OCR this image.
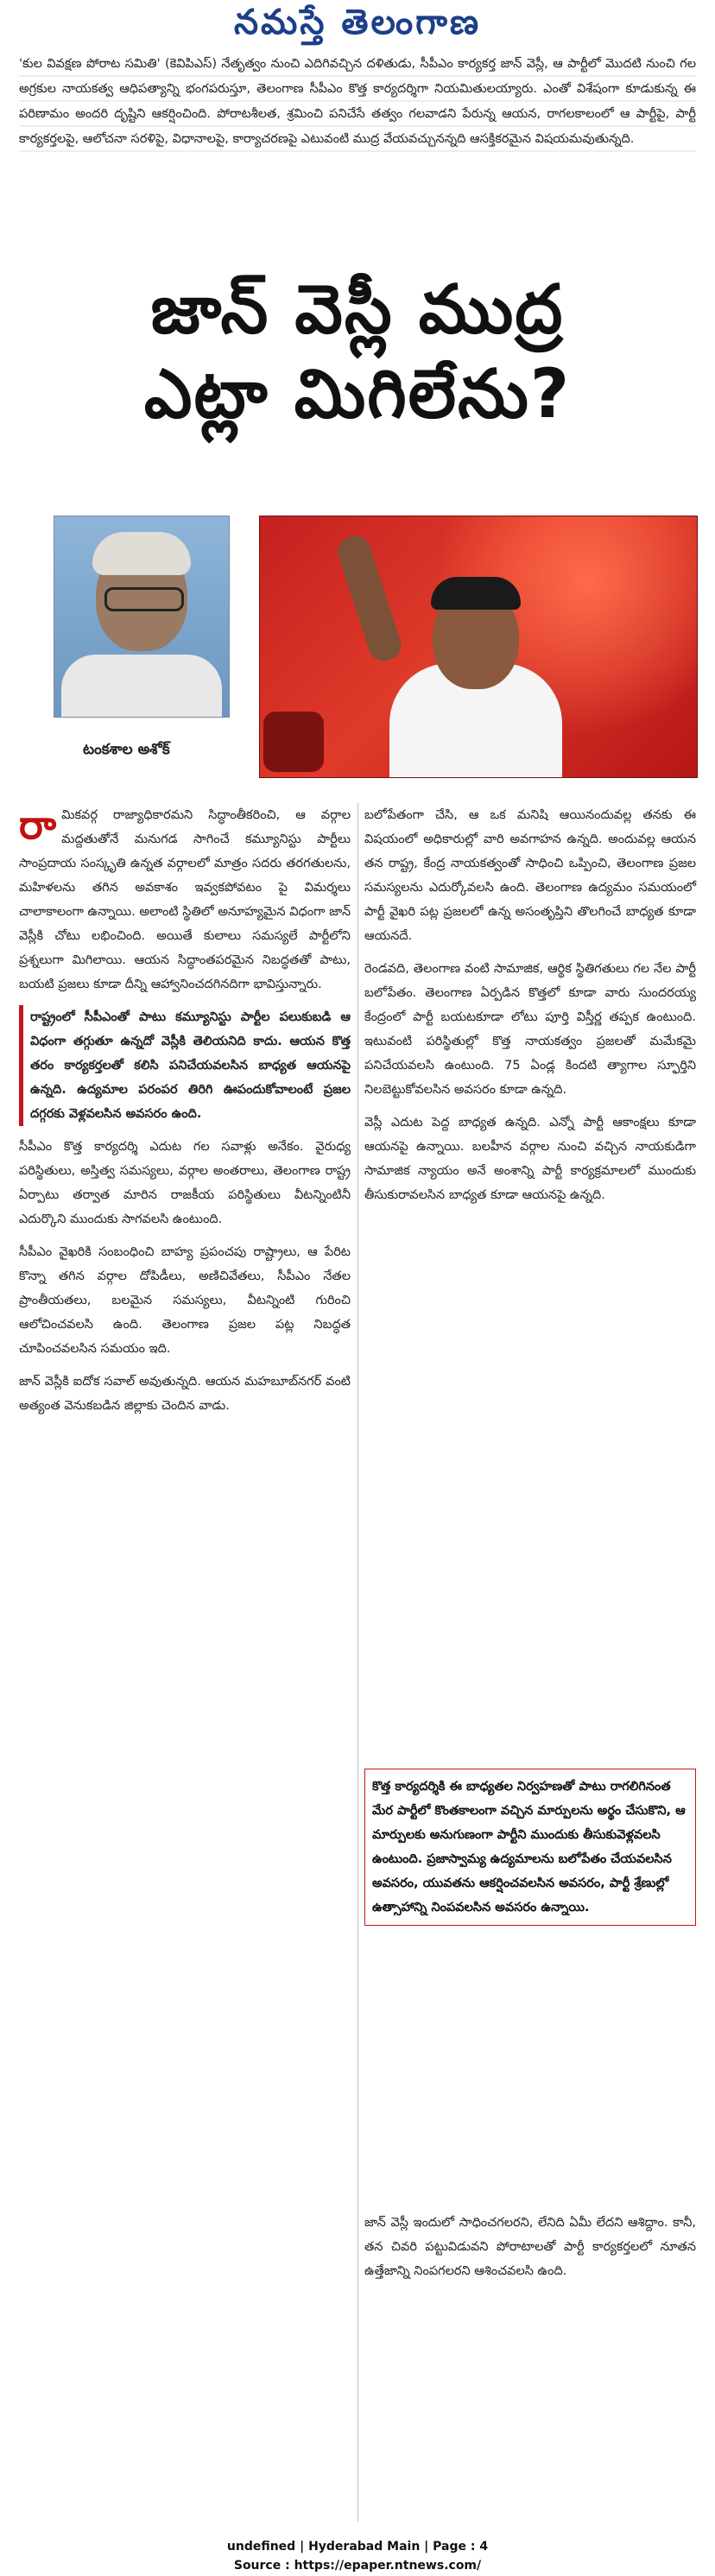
నమస్తే తెలంగాణ
'కుల వివక్షణ పోరాట సమితి' (కెవిపిఎస్) నేతృత్వం నుంచి ఎదిగివచ్చిన దళితుడు, సీపీఎం కార్యకర్త జాన్ వెస్లీ, ఆ పార్టీలో మొదటి నుంచి గల అగ్రకుల నాయకత్వ ఆధిపత్యాన్ని భంగపరుస్తూ, తెలంగాణ సీపీఎం కొత్త కార్యదర్శిగా నియమితులయ్యారు. ఎంతో విశేషంగా కూడుకున్న ఈ పరిణామం అందరి దృష్టిని ఆకర్షించింది. పోరాటశీలత, శ్రమించి పనిచేసే తత్వం గలవాడని పేరున్న ఆయన, రాగలకాలంలో ఆ పార్టీపై, పార్టీ కార్యకర్తలపై, ఆలోచనా సరళిపై, విధానాలపై, కార్యాచరణపై ఎటువంటి ముద్ర వేయవచ్చునన్నది ఆసక్తికరమైన విషయమవుతున్నది.
జాన్ వెస్లీ ముద్ర
ఎట్లా మిగిలేను?
టంకశాల అశోక్

రామికవర్గ రాజ్యాధికారమని సిద్ధాంతీకరించి, ఆ వర్గాల మద్దతుతోనే మనుగడ సాగించే కమ్యూనిస్టు పార్టీలు సాంప్రదాయ సంస్కృతి ఉన్నత వర్గాలలో మాత్రం సదరు తరగతులను, మహిళలను తగిన అవకాశం ఇవ్వకపోవటం పై విమర్శలు చాలాకాలంగా ఉన్నాయి. అలాంటి స్థితిలో అనూహ్యమైన విధంగా జాన్ వెస్లీకి చోటు లభించింది. అయితే కులాలు సమస్యలే పార్టీలోని ప్రశ్నలుగా మిగిలాయి. ఆయన సిద్ధాంతపరమైన నిబద్ధతతో పాటు, బయటి ప్రజలు కూడా దీన్ని ఆహ్వానించదగినదిగా భావిస్తున్నారు.

రాష్ట్రంలో సీపీఎంతో పాటు కమ్యూనిస్టు పార్టీల పలుకుబడి ఆ విధంగా తగ్గుతూ ఉన్నదో వెస్లీకి తెలియనిది కాదు. ఆయన కొత్త తరం కార్యకర్తలతో కలిసి పనిచేయవలసిన బాధ్యత ఆయనపై ఉన్నది. ఉద్యమాల పరంపర తిరిగి ఊపందుకోవాలంటే ప్రజల దగ్గరకు వెళ్లవలసిన అవసరం ఉంది.

సీపీఎం కొత్త కార్యదర్శి ఎదుట గల సవాళ్లు అనేకం. వైరుధ్య పరిస్థితులు, అస్తిత్వ సమస్యలు, వర్గాల అంతరాలు, తెలంగాణ రాష్ట్ర ఏర్పాటు తర్వాత మారిన రాజకీయ పరిస్థితులు వీటన్నింటినీ ఎదుర్కొని ముందుకు సాగవలసి ఉంటుంది.

సీపీఎం వైఖరికి సంబంధించి బాహ్య ప్రపంచపు రాష్ట్రాలు, ఆ పేరిట కొన్నా తగిన వర్గాల దోపిడీలు, అణిచివేతలు, సీపీఎం నేతల ప్రాంతీయతలు, బలమైన సమస్యలు, వీటన్నింటి గురించి ఆలోచించవలసి ఉంది. తెలంగాణ ప్రజల పట్ల నిబద్ధత చూపించవలసిన సమయం ఇది.

జాన్ వెస్లీకి ఐదోక సవాల్ అవుతున్నది. ఆయన మహబూబ్‌నగర్ వంటి అత్యంత వెనుకబడిన జిల్లాకు చెందిన వాడు.

బలోపేతంగా చేసి, ఆ ఒక మనిషి ఆయినందువల్ల తనకు ఈ విషయంలో అధికారుల్లో వారి అవగాహన ఉన్నది. అందువల్ల ఆయన తన రాష్ట్ర, కేంద్ర నాయకత్వంతో సాధించి ఒప్పించి, తెలంగాణ ప్రజల సమస్యలను ఎదుర్కోవలసి ఉంది. తెలంగాణ ఉద్యమం సమయంలో పార్టీ వైఖరి పట్ల ప్రజలలో ఉన్న అసంతృప్తిని తొలగించే బాధ్యత కూడా ఆయనదే.

రెండవది, తెలంగాణ వంటి సామాజిక, ఆర్థిక స్థితిగతులు గల నేల పార్టీ బలోపేతం. తెలంగాణ ఏర్పడిన కొత్తలో కూడా వారు సుందరయ్య కేంద్రంలో పార్టీ బయటకూడా లోటు పూర్తి విస్తీర్ణ తప్పక ఉంటుంది. ఇటువంటి పరిస్థితుల్లో కొత్త నాయకత్వం ప్రజలతో మమేకమై పనిచేయవలసి ఉంటుంది. 75 ఏండ్ల కిందటి త్యాగాల స్ఫూర్తిని నిలబెట్టుకోవలసిన అవసరం కూడా ఉన్నది.

వెస్లీ ఎదుట పెద్ద బాధ్యత ఉన్నది. ఎన్నో పార్టీ ఆకాంక్షలు కూడా ఆయనపై ఉన్నాయి. బలహీన వర్గాల నుంచి వచ్చిన నాయకుడిగా సామాజిక న్యాయం అనే అంశాన్ని పార్టీ కార్యక్రమాలలో ముందుకు తీసుకురావలసిన బాధ్యత కూడా ఆయనపై ఉన్నది.

కొత్త కార్యదర్శికి ఈ బాధ్యతల నిర్వహణతో పాటు రాగలిగినంత మేర పార్టీలో కొంతకాలంగా వచ్చిన మార్పులను అర్థం చేసుకొని, ఆ మార్పులకు అనుగుణంగా పార్టీని ముందుకు తీసుకువెళ్లవలసి ఉంటుంది. ప్రజాస్వామ్య ఉద్యమాలను బలోపేతం చేయవలసిన అవసరం, యువతను ఆకర్షించవలసిన అవసరం, పార్టీ శ్రేణుల్లో ఉత్సాహాన్ని నింపవలసిన అవసరం ఉన్నాయి.

జాన్ వెస్లీ ఇందులో సాధించగలరని, లేనిది ఏమీ లేదని ఆశిద్దాం. కానీ, తన చివరి పట్టువిడువని పోరాటాలతో పార్టీ కార్యకర్తలలో నూతన ఉత్తేజాన్ని నింపగలరని ఆశించవలసి ఉంది.

undefined | Hyderabad Main | Page : 4
Source : https://epaper.ntnews.com/
